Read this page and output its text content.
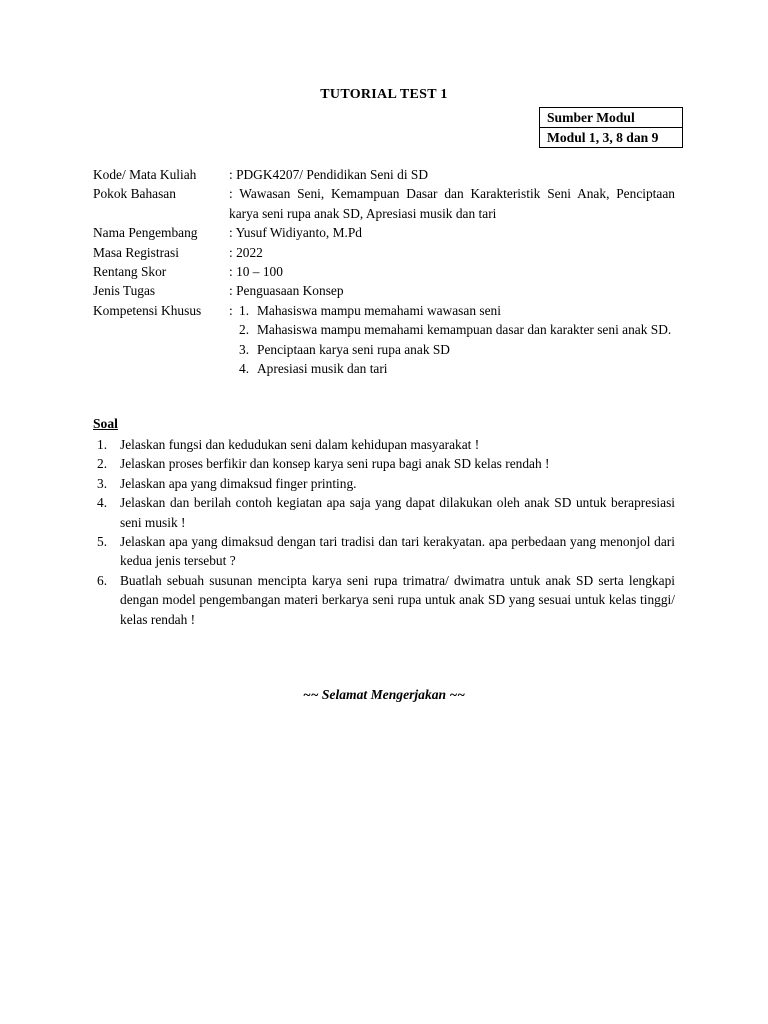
TUTORIAL TEST 1
Sumber Modul
Modul 1, 3, 8 dan 9
Kode/ Mata Kuliah	: PDGK4207/ Pendidikan Seni di SD
Pokok Bahasan	: Wawasan Seni, Kemampuan Dasar dan Karakteristik Seni Anak, Penciptaan karya seni rupa anak SD, Apresiasi musik dan tari
Nama Pengembang	: Yusuf Widiyanto, M.Pd
Masa Registrasi	: 2022
Rentang Skor	: 10 – 100
Jenis Tugas	: Penguasaan Konsep
Kompetensi Khusus	: 1. Mahasiswa mampu memahami wawasan seni
2. Mahasiswa mampu memahami kemampuan dasar dan karakter seni anak SD.
3. Penciptaan karya seni rupa anak SD
4. Apresiasi musik dan tari
Soal
1. Jelaskan fungsi dan kedudukan seni dalam kehidupan masyarakat !
2. Jelaskan proses berfikir dan konsep karya seni rupa bagi anak SD kelas rendah !
3. Jelaskan apa yang dimaksud finger printing.
4. Jelaskan dan berilah contoh kegiatan apa saja yang dapat dilakukan oleh anak SD untuk berapresiasi seni musik !
5. Jelaskan apa yang dimaksud dengan tari tradisi dan tari kerakyatan. apa perbedaan yang menonjol dari kedua jenis tersebut ?
6. Buatlah sebuah susunan mencipta karya seni rupa trimatra/ dwimatra untuk anak SD serta lengkapi dengan model pengembangan materi berkarya seni rupa untuk anak SD yang sesuai untuk kelas tinggi/ kelas rendah !
~~ Selamat Mengerjakan ~~
